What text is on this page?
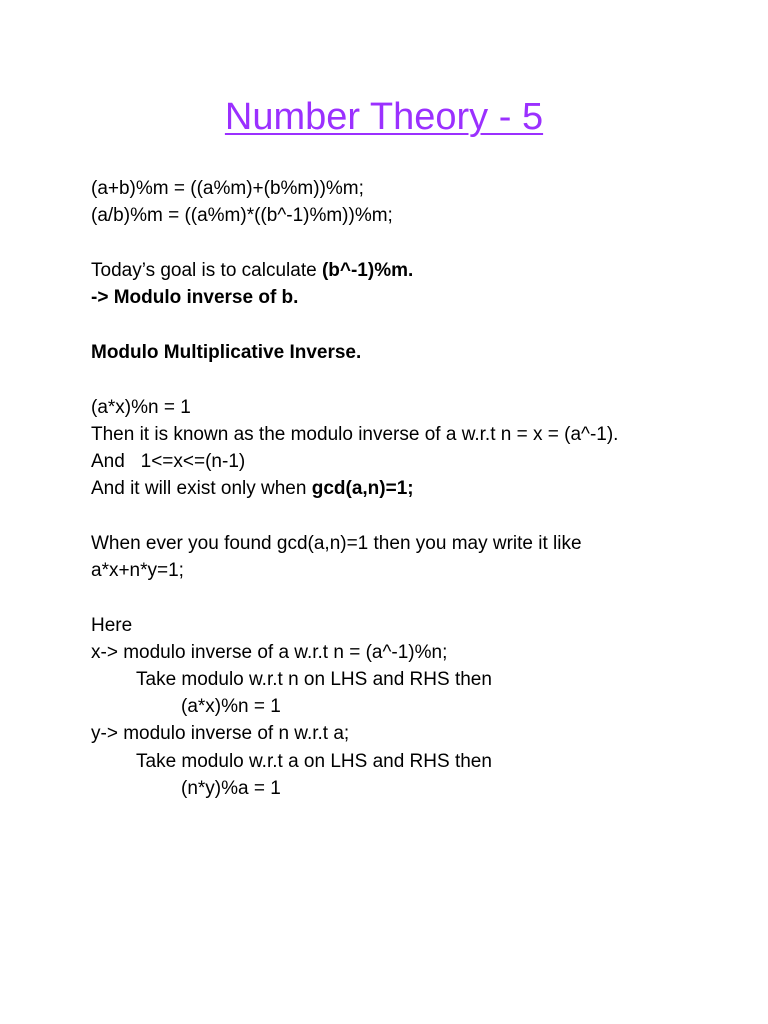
Number Theory - 5
(a+b)%m = ((a%m)+(b%m))%m;
(a/b)%m = ((a%m)*((b^-1)%m))%m;
Today’s goal is to calculate (b^-1)%m.
-> Modulo inverse of b.
Modulo Multiplicative Inverse.
(a*x)%n = 1
Then it is known as the modulo inverse of a w.r.t n = x = (a^-1).
And   1<=x<=(n-1)
And it will exist only when gcd(a,n)=1;
When ever you found gcd(a,n)=1 then you may write it like
a*x+n*y=1;
Here
x-> modulo inverse of a w.r.t n = (a^-1)%n;
Take modulo w.r.t n on LHS and RHS then
(a*x)%n = 1
y-> modulo inverse of n w.r.t a;
Take modulo w.r.t a on LHS and RHS then
(n*y)%a = 1
